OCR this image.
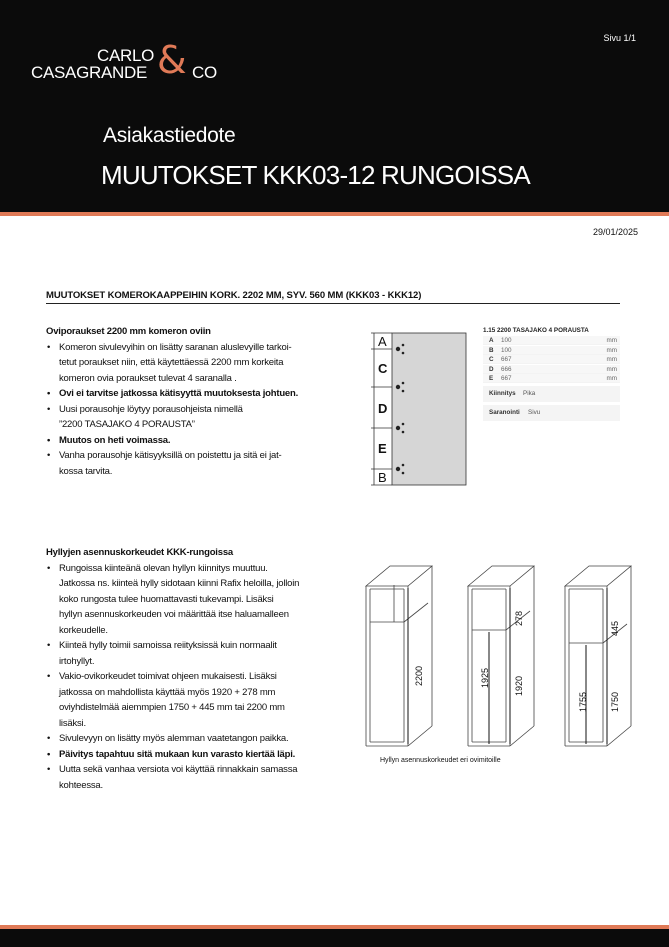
CARLO
CASAGRANDE & CO
Sivu 1/1
Asiakastiedote
MUUTOKSET KKK03-12 RUNGOISSA
29/01/2025
MUUTOKSET KOMEROKAAPPEIHIN KORK. 2202 MM, SYV. 560 MM (KKK03 - KKK12)
Oviporaukset 2200 mm komeron oviin
• Komeron sivulevyihin on lisätty saranan aluslevyille tarkoi-
tetut poraukset niin, että käytettäessä 2200 mm korkeita
komeron ovia poraukset tulevat 4 saranalla .
• Ovi ei tarvitse jatkossa kätisyyttä muutoksesta johtuen.
• Uusi porausohje löytyy porausohjeista nimellä
”2200 TASAJAKO 4 PORAUSTA”
• Muutos on heti voimassa.
• Vanha porausohje kätisyyksillä on poistettu ja sitä ei jat-
kossa tarvita.
A
C
D
E
B
1.15 2200 TASAJAKO 4 PORAUSTA
A 100	mm
B 100	mm
C 667	mm
D 666	mm
E 667	mm
Kiinnitys Pika
Saranointi Sivu
Hyllyjen asennuskorkeudet KKK-rungoissa
• Rungoissa kiinteänä olevan hyllyn kiinnitys muuttuu.
Jatkossa ns. kiinteä hylly sidotaan kiinni Rafix heloilla, jolloin
koko rungosta tulee huomattavasti tukevampi. Lisäksi
hyllyn asennuskorkeuden voi määrittää itse haluamalleen
korkeudelle.
• Kiinteä hylly toimii samoissa reiityksissä kuin normaalit
irtohyllyt.
• Vakio-ovikorkeudet toimivat ohjeen mukaisesti. Lisäksi
jatkossa on mahdollista käyttää myös 1920 + 278 mm
oviyhdistelmää aiemmpien 1750 + 445 mm tai 2200 mm
lisäksi.
• Sivulevyyn on lisätty myös alemman vaatetangon paikka.
• Päivitys tapahtuu sitä mukaan kun varasto kiertää läpi.
• Uutta sekä vanhaa versiota voi käyttää rinnakkain samassa
kohteessa.
2200
278
1925	1920
445
1755 1750
Hyllyn asennuskorkeudet eri ovimitoille
